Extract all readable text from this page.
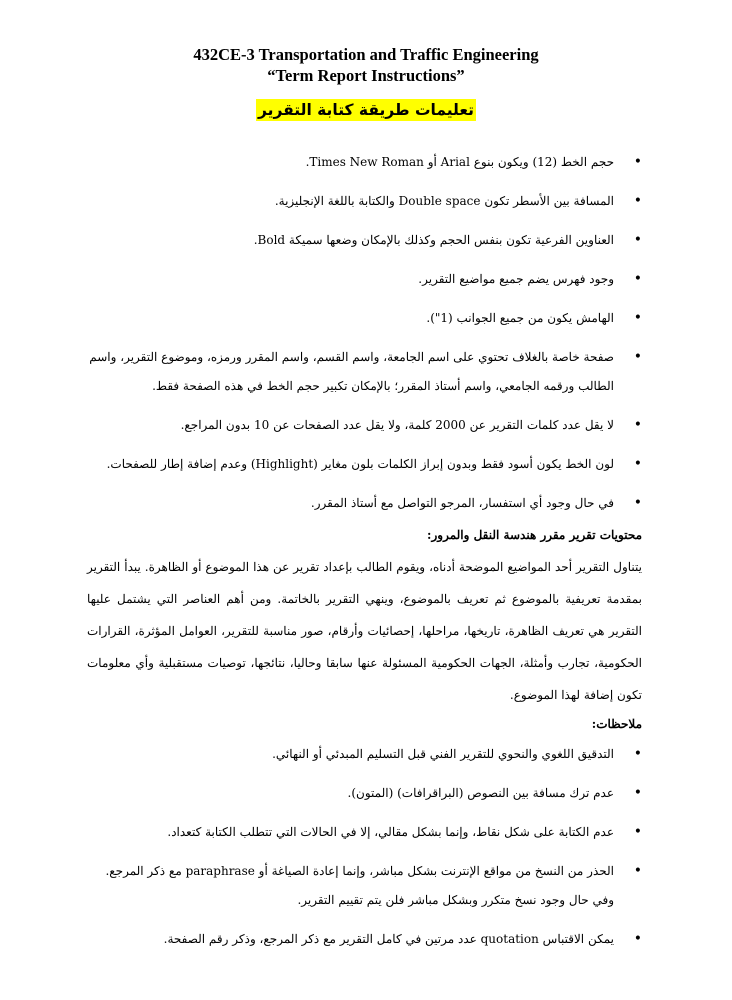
432CE-3 Transportation and Traffic Engineering
“Term Report Instructions”
تعليمات طريقة كتابة التقرير
• حجم الخط (12) ويكون بنوع Arial أو Times New Roman.
• المسافة بين الأسطر تكون Double space والكتابة باللغة الإنجليزية.
• العناوين الفرعية تكون بنفس الحجم وكذلك بالإمكان وضعها سميكة Bold.
• وجود فهرس يضم جميع مواضيع التقرير.
• الهامش يكون من جميع الجوانب (1").
• صفحة خاصة بالغلاف تحتوي على اسم الجامعة، واسم القسم، واسم المقرر ورمزه، وموضوع التقرير، واسم الطالب ورقمه الجامعي، واسم أستاذ المقرر؛ بالإمكان تكبير حجم الخط في هذه الصفحة فقط.
• لا يقل عدد كلمات التقرير عن 2000 كلمة، ولا يقل عدد الصفحات عن 10 بدون المراجع.
• لون الخط يكون أسود فقط وبدون إبراز الكلمات بلون مغاير (Highlight) وعدم إضافة إطار للصفحات.
• في حال وجود أي استفسار، المرجو التواصل مع أستاذ المقرر.
محتويات تقرير مقرر هندسة النقل والمرور:

يتناول التقرير أحد المواضيع الموضحة أدناه، ويقوم الطالب بإعداد تقرير عن هذا الموضوع أو الظاهرة. يبدأ التقرير بمقدمة تعريفية بالموضوع ثم تعريف بالموضوع، وينهي التقرير بالخاتمة. ومن أهم العناصر التي يشتمل عليها التقرير هي تعريف الظاهرة، تاريخها، مراحلها، إحصائيات وأرقام، صور مناسبة للتقرير، العوامل المؤثرة، القرارات الحكومية، تجارب وأمثلة، الجهات الحكومية المسئولة عنها سابقا وحاليا، نتائجها، توصيات مستقبلية وأي معلومات تكون إضافة لهذا الموضوع.

ملاحظات:
• التدقيق اللغوي والنحوي للتقرير الفني قبل التسليم المبدئي أو النهائي.
• عدم ترك مسافة بين النصوص (البراقرافات) (المتون).
• عدم الكتابة على شكل نقاط، وإنما بشكل مقالي، إلا في الحالات التي تتطلب الكتابة كتعداد.
• الحذر من النسخ من مواقع الإنترنت بشكل مباشر، وإنما إعادة الصياغة أو paraphrase مع ذكر المرجع. وفي حال وجود نسخ متكرر وبشكل مباشر فلن يتم تقييم التقرير.
• يمكن الاقتباس quotation عدد مرتين في كامل التقرير مع ذكر المرجع، وذكر رقم الصفحة.
